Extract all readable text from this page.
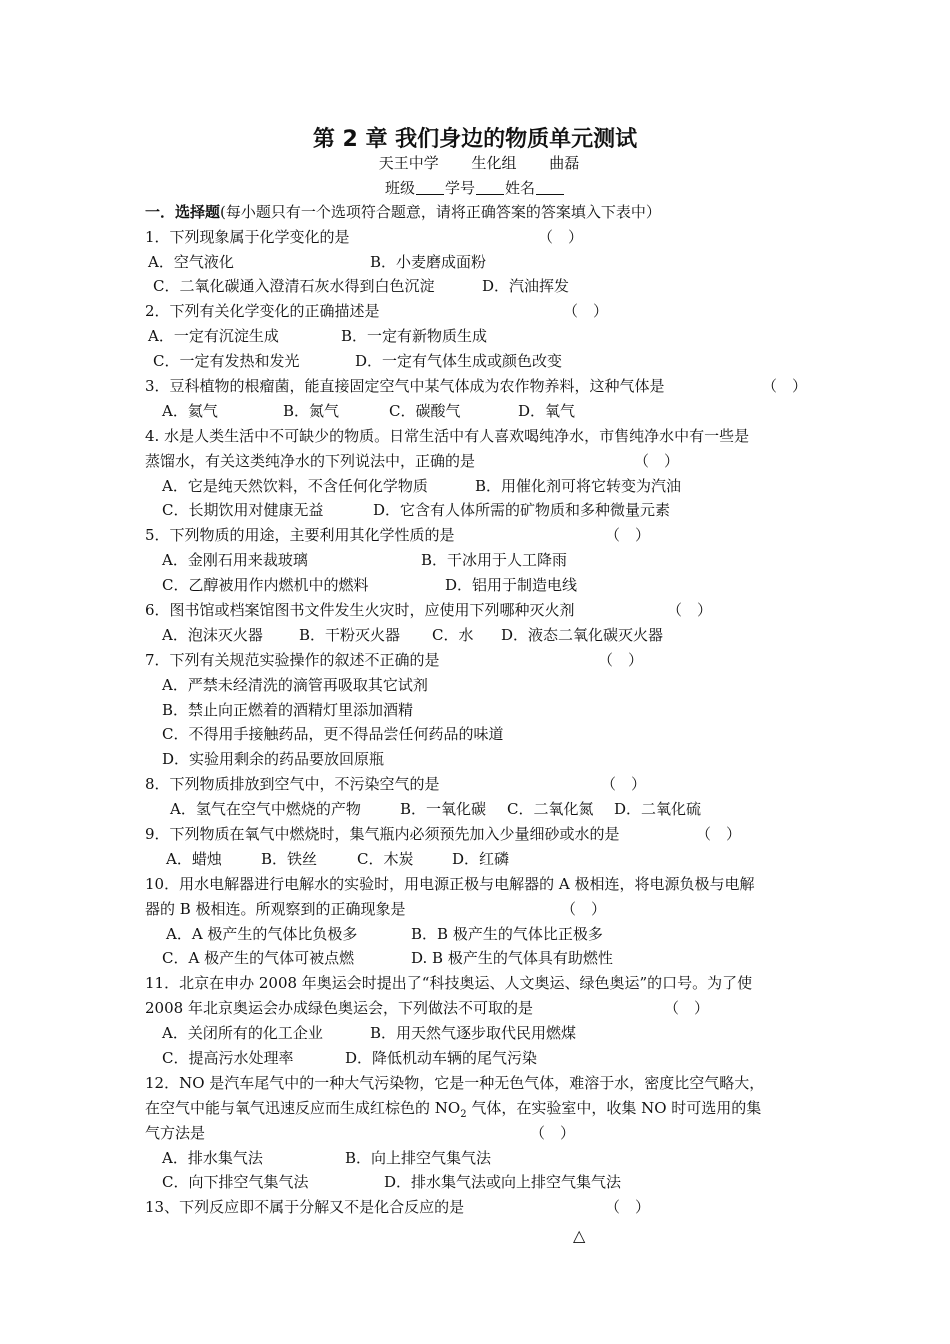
第 2 章 我们身边的物质单元测试
天王中学 生化组 曲磊
班级 学号 姓名
一．选择题(每小题只有一个选项符合题意，请将正确答案的答案填入下表中）
1．下列现象属于化学变化的是	（　）
A．空气液化	B．小麦磨成面粉
C．二氧化碳通入澄清石灰水得到白色沉淀	D．汽油挥发
2．下列有关化学变化的正确描述是	（　）
A．一定有沉淀生成	B．一定有新物质生成
C．一定有发热和发光	D．一定有气体生成或颜色改变
3．豆科植物的根瘤菌，能直接固定空气中某气体成为农作物养料，这种气体是	（　）
A．氦气	B．氮气	C．碳酸气	D．氧气
4. 水是人类生活中不可缺少的物质。日常生活中有人喜欢喝纯净水，市售纯净水中有一些是
蒸馏水，有关这类纯净水的下列说法中，正确的是	（　）
A．它是纯天然饮料，不含任何化学物质	B．用催化剂可将它转变为汽油
C．长期饮用对健康无益	D．它含有人体所需的矿物质和多种微量元素
5．下列物质的用途，主要利用其化学性质的是	（　）
A．金刚石用来裁玻璃	B．干冰用于人工降雨
C．乙醇被用作内燃机中的燃料	D．铝用于制造电线
6．图书馆或档案馆图书文件发生火灾时，应使用下列哪种灭火剂	（　）
A．泡沫灭火器 B．干粉灭火器 C．水 D．液态二氧化碳灭火器
7．下列有关规范实验操作的叙述不正确的是	（　）
A．严禁未经清洗的滴管再吸取其它试剂
B．禁止向正燃着的酒精灯里添加酒精
C．不得用手接触药品，更不得品尝任何药品的味道
D．实验用剩余的药品要放回原瓶
8．下列物质排放到空气中，不污染空气的是	（　）
A．氢气在空气中燃烧的产物	B．一氧化碳 C．二氧化氮 D．二氧化硫
9．下列物质在氧气中燃烧时，集气瓶内必须预先加入少量细砂或水的是	（　）
A．蜡烛	B．铁丝	C．木炭	D．红磷
10．用水电解器进行电解水的实验时，用电源正极与电解器的 A 极相连，将电源负极与电解
器的 B 极相连。所观察到的正确现象是	（　）
A．A 极产生的气体比负极多	B．B 极产生的气体比正极多
C．A 极产生的气体可被点燃	D. B 极产生的气体具有助燃性
11．北京在申办 2008 年奥运会时提出了“科技奥运、人文奥运、绿色奥运”的口号。为了使
2008 年北京奥运会办成绿色奥运会，下列做法不可取的是	（　）
A．关闭所有的化工企业	B．用天然气逐步取代民用燃煤
C．提高污水处理率	D．降低机动车辆的尾气污染
12．NO 是汽车尾气中的一种大气污染物，它是一种无色气体，难溶于水，密度比空气略大，
在空气中能与氧气迅速反应而生成红棕色的 $NO_2$ 气体，在实验室中，收集 NO 时可选用的集
气方法是	（　）
A．排水集气法	B．向上排空气集气法
C．向下排空气集气法	D．排水集气法或向上排空气集气法
13、下列反应即不属于分解又不是化合反应的是	（　）
△
